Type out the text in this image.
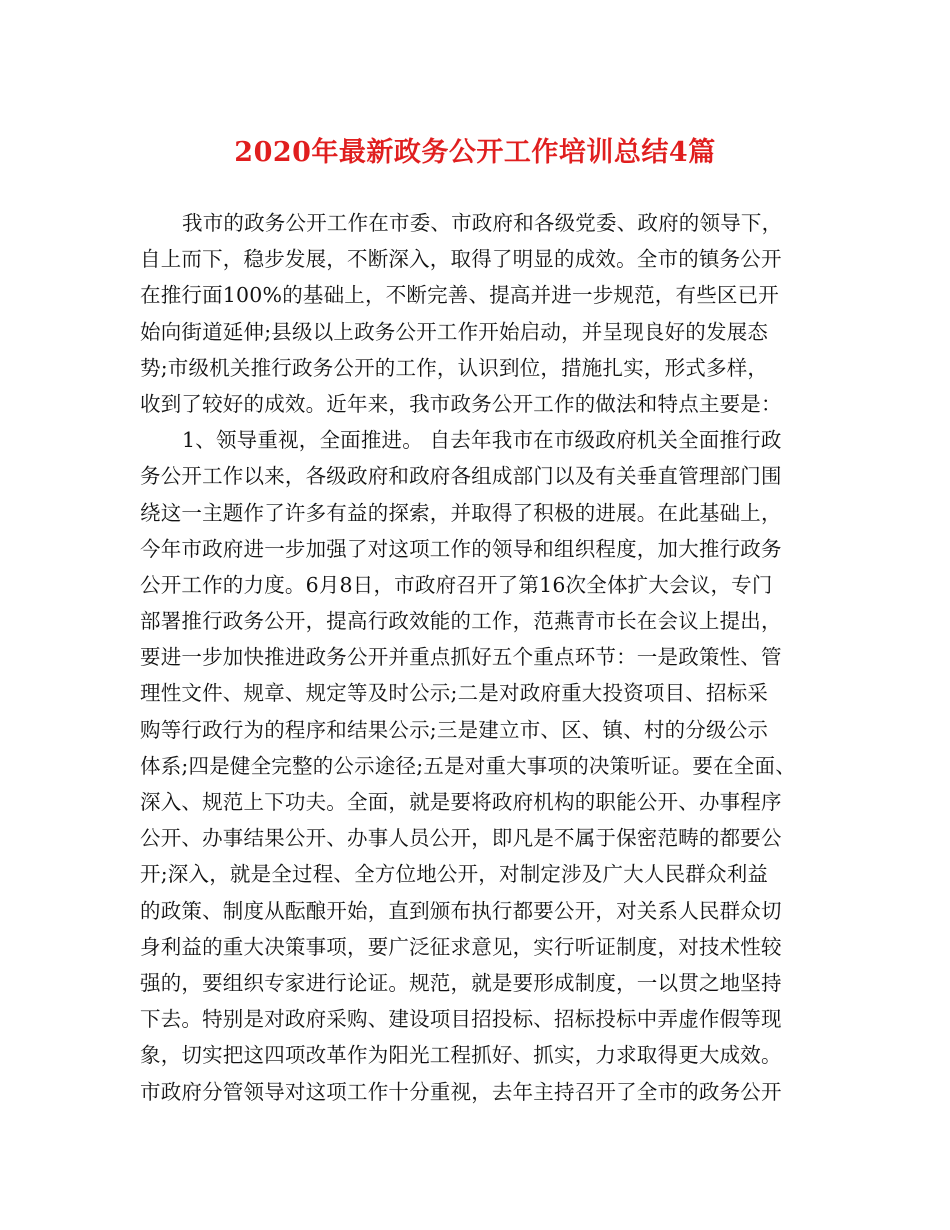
2020年最新政务公开工作培训总结4篇
我市的政务公开工作在市委、市政府和各级党委、政府的领导下，
自上而下，稳步发展，不断深入，取得了明显的成效。全市的镇务公开
在推行面100%的基础上，不断完善、提高并进一步规范，有些区已开
始向街道延伸;县级以上政务公开工作开始启动，并呈现良好的发展态
势;市级机关推行政务公开的工作，认识到位，措施扎实，形式多样，
收到了较好的成效。近年来，我市政务公开工作的做法和特点主要是：
1、领导重视，全面推进。 自去年我市在市级政府机关全面推行政
务公开工作以来，各级政府和政府各组成部门以及有关垂直管理部门围
绕这一主题作了许多有益的探索，并取得了积极的进展。在此基础上，
今年市政府进一步加强了对这项工作的领导和组织程度，加大推行政务
公开工作的力度。6月8日，市政府召开了第16次全体扩大会议，专门
部署推行政务公开，提高行政效能的工作，范燕青市长在会议上提出，
要进一步加快推进政务公开并重点抓好五个重点环节：一是政策性、管
理性文件、规章、规定等及时公示;二是对政府重大投资项目、招标采
购等行政行为的程序和结果公示;三是建立市、区、镇、村的分级公示
体系;四是健全完整的公示途径;五是对重大事项的决策听证。要在全面、
深入、规范上下功夫。全面，就是要将政府机构的职能公开、办事程序
公开、办事结果公开、办事人员公开，即凡是不属于保密范畴的都要公
开;深入，就是全过程、全方位地公开，对制定涉及广大人民群众利益
的政策、制度从酝酿开始，直到颁布执行都要公开，对关系人民群众切
身利益的重大决策事项，要广泛征求意见，实行听证制度，对技术性较
强的，要组织专家进行论证。规范，就是要形成制度，一以贯之地坚持
下去。特别是对政府采购、建设项目招投标、招标投标中弄虚作假等现
象，切实把这四项改革作为阳光工程抓好、抓实，力求取得更大成效。
市政府分管领导对这项工作十分重视，去年主持召开了全市的政务公开
